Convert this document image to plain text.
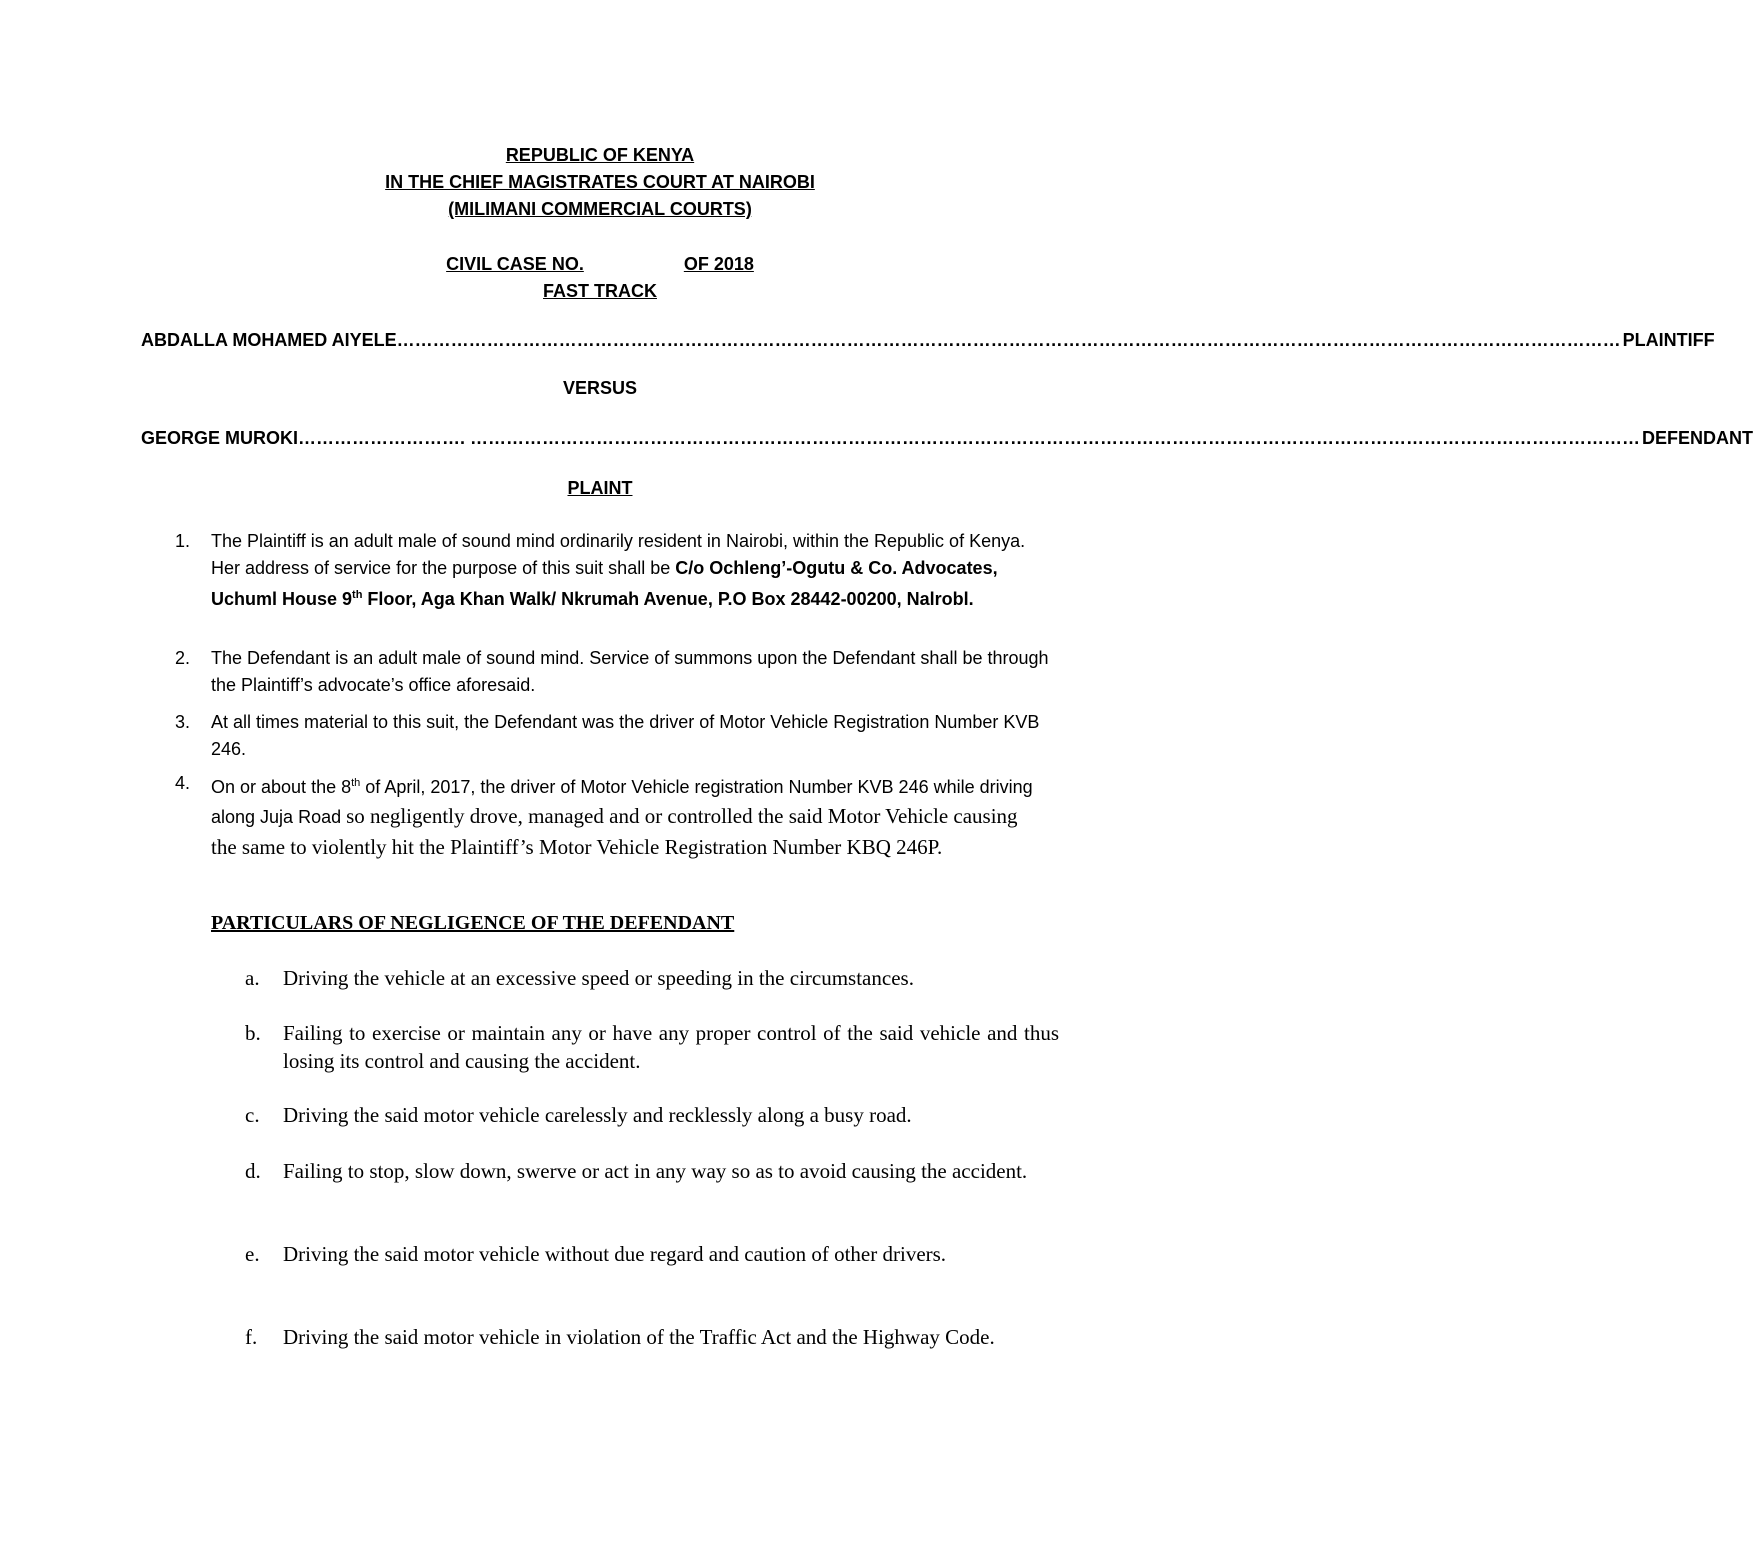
REPUBLIC OF KENYA
IN THE CHIEF MAGISTRATES COURT AT NAIROBI
(MILIMANI COMMERCIAL COURTS)
CIVIL CASE NO.	OF 2018
FAST TRACK
ABDALLA MOHAMED AIYELE …………………………………………………………………………………………………………………………………………………………………………………… PLAINTIFF
VERSUS
GEORGE MUROKI ………………………. …………………………………………………………………………………………………………………………………………………………………………… DEFENDANT
PLAINT
1. The Plaintiff is an adult male of sound mind ordinarily resident in Nairobi, within the Republic of Kenya. Her address of service for the purpose of this suit shall be C/o Ochleng’-Ogutu & Co. Advocates, Uchuml House 9th Floor, Aga Khan Walk/ Nkrumah Avenue, P.O Box 28442-00200, Nalrobl.
2. The Defendant is an adult male of sound mind. Service of summons upon the Defendant shall be through the Plaintiff’s advocate’s office aforesaid.
3. At all times material to this suit, the Defendant was the driver of Motor Vehicle Registration Number KVB 246.
4. On or about the 8th of April, 2017, the driver of Motor Vehicle registration Number KVB 246 while driving along Juja Road so negligently drove, managed and or controlled the said Motor Vehicle causing the same to violently hit the Plaintiff’s Motor Vehicle Registration Number KBQ 246P.
PARTICULARS OF NEGLIGENCE OF THE DEFENDANT
a. Driving the vehicle at an excessive speed or speeding in the circumstances.
b. Failing to exercise or maintain any or have any proper control of the said vehicle and thus losing its control and causing the accident.
c. Driving the said motor vehicle carelessly and recklessly along a busy road.
d. Failing to stop, slow down, swerve or act in any way so as to avoid causing the accident.
e. Driving the said motor vehicle without due regard and caution of other drivers.
f. Driving the said motor vehicle in violation of the Traffic Act and the Highway Code.
